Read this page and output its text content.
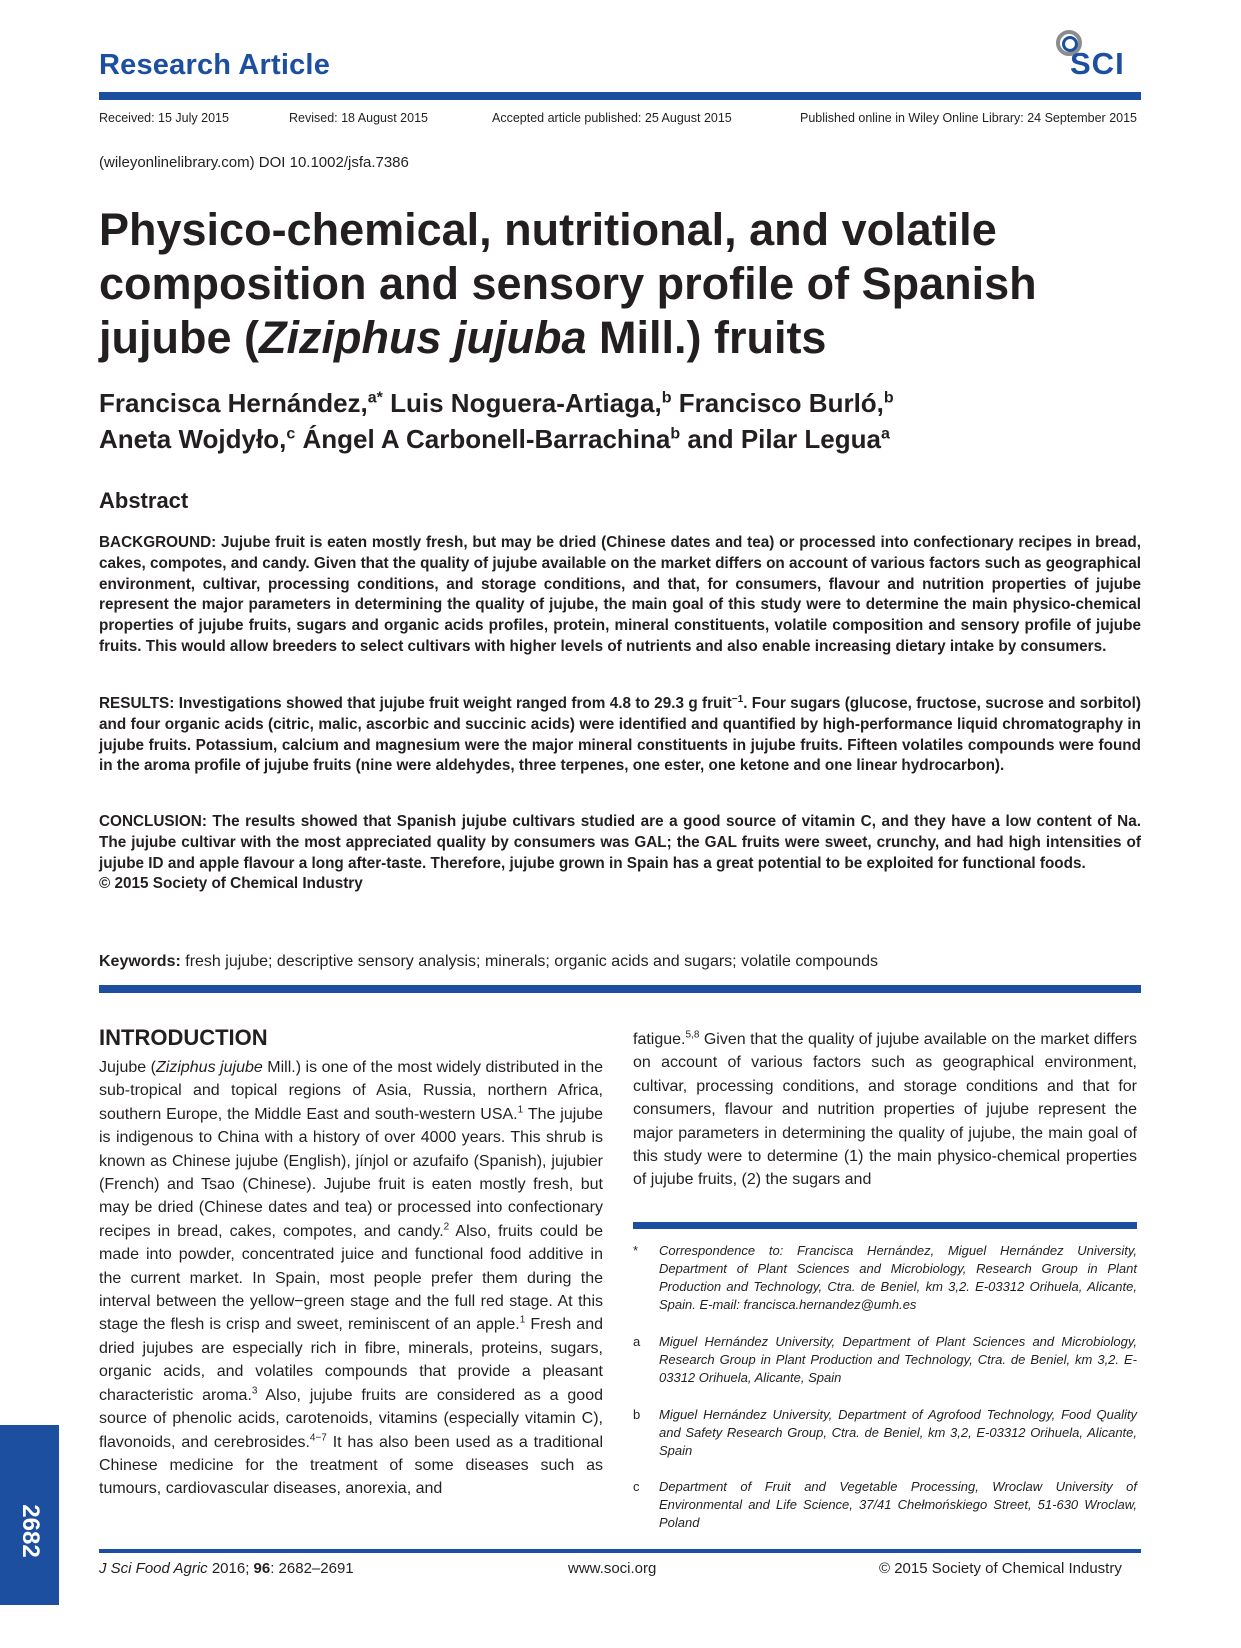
Research Article	SCI
Received: 15 July 2015	Revised: 18 August 2015	Accepted article published: 25 August 2015	Published online in Wiley Online Library: 24 September 2015
(wileyonlinelibrary.com) DOI 10.1002/jsfa.7386
Physico-chemical, nutritional, and volatile composition and sensory profile of Spanish jujube (Ziziphus jujuba Mill.) fruits
Francisca Hernández,$^{a*}$ Luis Noguera-Artiaga,$^b$ Francisco Burló,$^b$
Aneta Wojdyło,$^c$ Ángel A Carbonell-Barrachina$^b$ and Pilar Legua$^a$
Abstract
BACKGROUND: Jujube fruit is eaten mostly fresh, but may be dried (Chinese dates and tea) or processed into confectionary recipes in bread, cakes, compotes, and candy. Given that the quality of jujube available on the market differs on account of various factors such as geographical environment, cultivar, processing conditions, and storage conditions, and that, for consumers, flavour and nutrition properties of jujube represent the major parameters in determining the quality of jujube, the main goal of this study were to determine the main physico-chemical properties of jujube fruits, sugars and organic acids profiles, protein, mineral constituents, volatile composition and sensory profile of jujube fruits. This would allow breeders to select cultivars with higher levels of nutrients and also enable increasing dietary intake by consumers.
RESULTS: Investigations showed that jujube fruit weight ranged from 4.8 to 29.3 g fruit$^{-1}$. Four sugars (glucose, fructose, sucrose and sorbitol) and four organic acids (citric, malic, ascorbic and succinic acids) were identified and quantified by high-performance liquid chromatography in jujube fruits. Potassium, calcium and magnesium were the major mineral constituents in jujube fruits. Fifteen volatiles compounds were found in the aroma profile of jujube fruits (nine were aldehydes, three terpenes, one ester, one ketone and one linear hydrocarbon).
CONCLUSION: The results showed that Spanish jujube cultivars studied are a good source of vitamin C, and they have a low content of Na. The jujube cultivar with the most appreciated quality by consumers was GAL; the GAL fruits were sweet, crunchy, and had high intensities of jujube ID and apple flavour a long after-taste. Therefore, jujube grown in Spain has a great potential to be exploited for functional foods.
© 2015 Society of Chemical Industry
Keywords: fresh jujube; descriptive sensory analysis; minerals; organic acids and sugars; volatile compounds
INTRODUCTION
Jujube (Ziziphus jujube Mill.) is one of the most widely distributed in the sub-tropical and topical regions of Asia, Russia, northern Africa, southern Europe, the Middle East and south-western USA.$^1$ The jujube is indigenous to China with a history of over 4000 years. This shrub is known as Chinese jujube (English), jínjol or azufaifo (Spanish), jujubier (French) and Tsao (Chinese). Jujube fruit is eaten mostly fresh, but may be dried (Chinese dates and tea) or processed into confectionary recipes in bread, cakes, compotes, and candy.$^2$ Also, fruits could be made into powder, concentrated juice and functional food additive in the current market. In Spain, most people prefer them during the interval between the yellow−green stage and the full red stage. At this stage the flesh is crisp and sweet, reminiscent of an apple.$^1$ Fresh and dried jujubes are especially rich in fibre, minerals, proteins, sugars, organic acids, and volatiles compounds that provide a pleasant characteristic aroma.$^3$ Also, jujube fruits are considered as a good source of phenolic acids, carotenoids, vitamins (especially vitamin C), flavonoids, and cerebrosides.$^{4-7}$ It has also been used as a traditional Chinese medicine for the treatment of some diseases such as tumours, cardiovascular diseases, anorexia, and
fatigue.$^{5,8}$ Given that the quality of jujube available on the market differs on account of various factors such as geographical environment, cultivar, processing conditions, and storage conditions and that for consumers, flavour and nutrition properties of jujube represent the major parameters in determining the quality of jujube, the main goal of this study were to determine (1) the main physico-chemical properties of jujube fruits, (2) the sugars and
*	Correspondence to: Francisca Hernández, Miguel Hernández University, Department of Plant Sciences and Microbiology, Research Group in Plant Production and Technology, Ctra. de Beniel, km 3,2. E-03312 Orihuela, Alicante, Spain. E-mail: francisca.hernandez@umh.es
a	Miguel Hernández University, Department of Plant Sciences and Microbiology, Research Group in Plant Production and Technology, Ctra. de Beniel, km 3,2. E-03312 Orihuela, Alicante, Spain
b	Miguel Hernández University, Department of Agrofood Technology, Food Quality and Safety Research Group, Ctra. de Beniel, km 3,2, E-03312 Orihuela, Alicante, Spain
c	Department of Fruit and Vegetable Processing, Wroclaw University of Environmental and Life Science, 37/41 Chełmońskiego Street, 51-630 Wroclaw, Poland
2682
J Sci Food Agric 2016; 96: 2682–2691	www.soci.org	© 2015 Society of Chemical Industry
